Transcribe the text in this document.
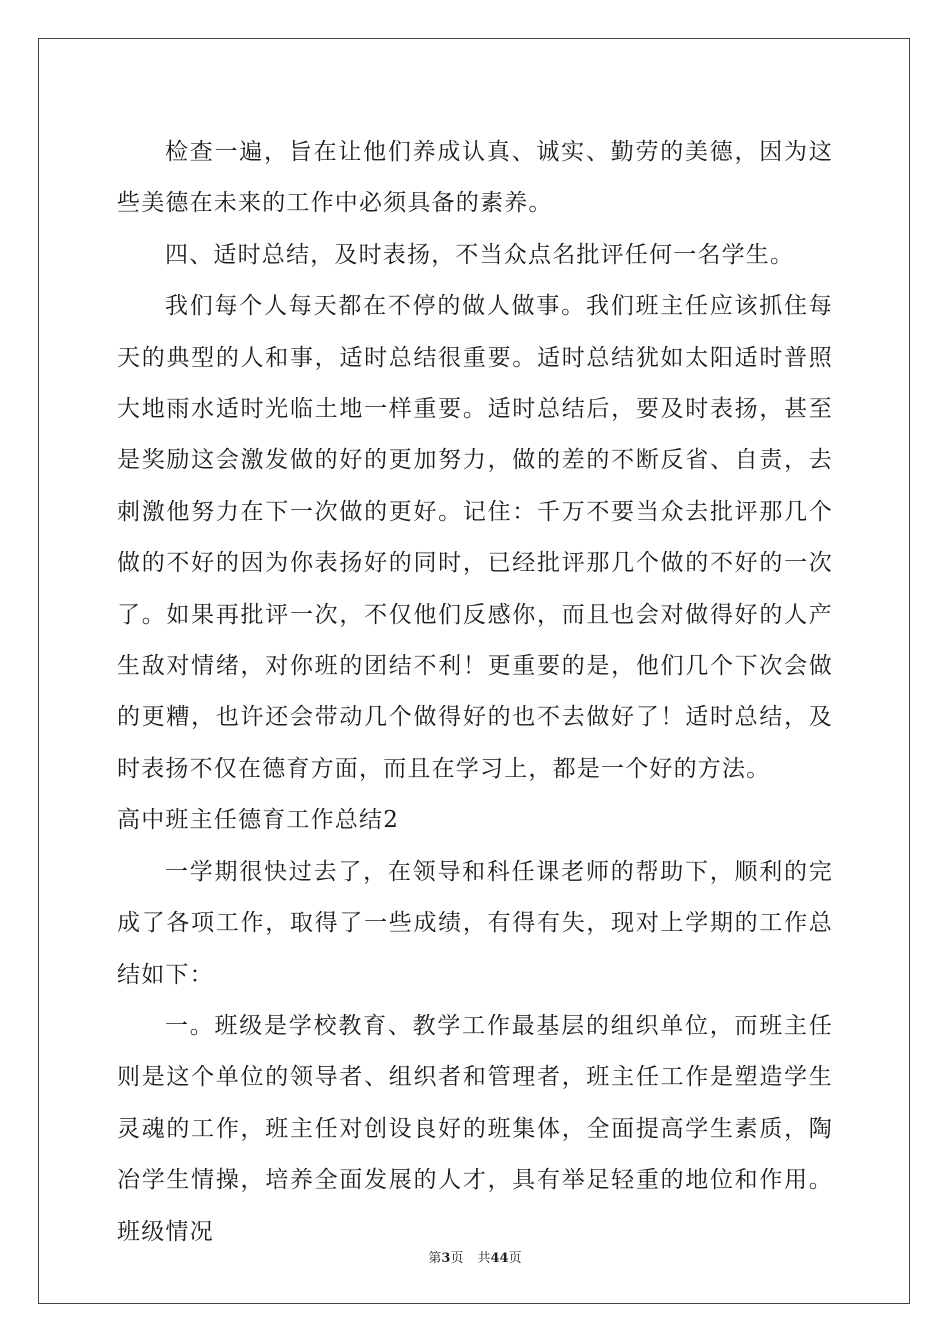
检查一遍，旨在让他们养成认真、诚实、勤劳的美德，因为这些美德在未来的工作中必须具备的素养。

四、适时总结，及时表扬，不当众点名批评任何一名学生。

我们每个人每天都在不停的做人做事。我们班主任应该抓住每天的典型的人和事，适时总结很重要。适时总结犹如太阳适时普照大地雨水适时光临土地一样重要。适时总结后，要及时表扬，甚至是奖励这会激发做的好的更加努力，做的差的不断反省、自责，去刺激他努力在下一次做的更好。记住：千万不要当众去批评那几个做的不好的因为你表扬好的同时，已经批评那几个做的不好的一次了。如果再批评一次，不仅他们反感你，而且也会对做得好的人产生敌对情绪，对你班的团结不利！更重要的是，他们几个下次会做的更糟，也许还会带动几个做得好的也不去做好了！适时总结，及时表扬不仅在德育方面，而且在学习上，都是一个好的方法。

高中班主任德育工作总结2

一学期很快过去了，在领导和科任课老师的帮助下，顺利的完成了各项工作，取得了一些成绩，有得有失，现对上学期的工作总结如下：

一。班级是学校教育、教学工作最基层的组织单位，而班主任则是这个单位的领导者、组织者和管理者，班主任工作是塑造学生灵魂的工作，班主任对创设良好的班集体，全面提高学生素质，陶冶学生情操，培养全面发展的人才，具有举足轻重的地位和作用。班级情况

第3页 共44页
